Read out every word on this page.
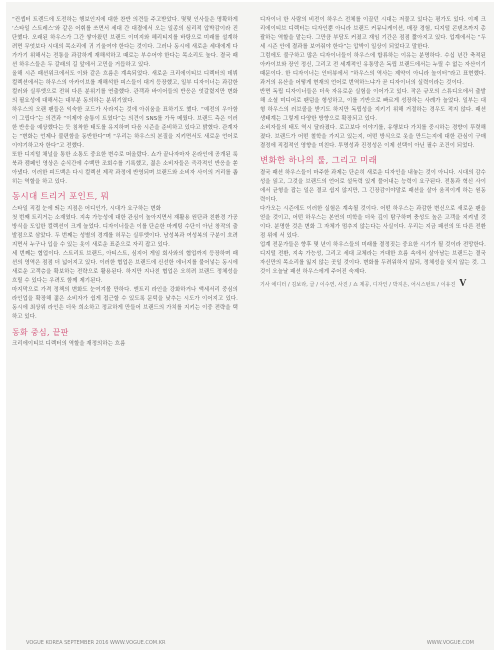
“컨셉터 트렌드에 도전하는 행보인지에 대한 찬반 의견들 주고받았다. 몇몇 인사들은 명확하게 ‘스타일 스트레스’와 같은 어휘를 쓰면서 세대 간 대결에서 오는 일종의 심리적 압박감이라 진단했다. 오래된 하우스가 그간 쌓아왔던 브랜드 이미지와 헤리티지를 바탕으로 미래를 설계하려면 무엇보다 시대의 목소리에 귀 기울여야 한다는 것이다. 그러나 동시에 새로운 세대에게 다가가기 위해서는 전통을 과감하게 재해석하고 때로는 부수어야 한다는 목소리도 높다. 결국 패션 하우스들은 두 갈래의 길 앞에서 고민을 거듭하고 있다.

올해 시즌 패션위크에서도 이와 같은 흐름은 계속되었다. 새로운 크리에이티브 디렉터의 데뷔 컬렉션에서는 하우스의 아카이브를 재해석한 피스들이 대거 등장했고, 일부 디자이너는 과감한 컬러와 실루엣으로 전혀 다른 분위기를 연출했다. 관객과 바이어들의 반응은 엇갈렸지만 변화의 필요성에 대해서는 대부분 동의하는 분위기였다.

하우스의 오랜 팬들은 익숙한 코드가 사라지는 것에 아쉬움을 표하기도 했다. “예전의 우아함이 그립다”는 의견과 “이제야 숨통이 트였다”는 의견이 SNS를 가득 메웠다. 브랜드 측은 이러한 반응을 예상했다는 듯 침착한 태도를 유지하며 다음 시즌을 준비하고 있다고 밝혔다. 관계자는 “변화는 언제나 불편함을 동반한다”며 “우리는 하우스의 본질을 지키면서도 새로운 언어로 이야기하고자 한다”고 전했다.

또한 디지털 채널을 통한 소통도 중요한 변수로 떠올랐다. 쇼가 끝나자마자 온라인에 공개된 룩북과 캠페인 영상은 순식간에 수백만 조회수를 기록했고, 젊은 소비자들은 즉각적인 반응을 쏟아냈다. 이러한 피드백은 다시 컬렉션 제작 과정에 반영되며 브랜드와 소비자 사이의 거리를 좁히는 역할을 하고 있다.

동시대 트리거 포인트, 뭐
스타일 직접 눈에 띄는 지점은 어디인가, 시대가 요구하는 변화

첫 번째 트리거는 소재였다. 지속 가능성에 대한 관심이 높아지면서 재활용 원단과 친환경 가공 방식을 도입한 컬렉션이 크게 늘었다. 디자이너들은 이를 단순한 마케팅 수단이 아닌 창작의 출발점으로 삼았다. 두 번째는 성별의 경계를 허무는 실루엣이다. 남성복과 여성복의 구분이 흐려지면서 누구나 입을 수 있는 옷이 새로운 표준으로 자리 잡고 있다.

세 번째는 협업이다. 스트리트 브랜드, 아티스트, 심지어 게임 회사와의 협업까지 등장하며 패션의 영역은 점점 더 넓어지고 있다. 이러한 협업은 브랜드에 신선한 에너지를 불어넣는 동시에 새로운 고객층을 확보하는 전략으로 활용된다. 하지만 지나친 협업은 오히려 브랜드 정체성을 흐릴 수 있다는 우려도 함께 제기된다.

마지막으로 가격 정책의 변화도 눈여겨볼 만하다. 엔트리 라인을 강화하거나 액세서리 중심의 라인업을 확장해 젊은 소비자가 쉽게 접근할 수 있도록 문턱을 낮추는 시도가 이어지고 있다. 동시에 최상위 라인은 더욱 희소하고 정교하게 만들어 브랜드의 가치를 지키는 이중 전략을 택하고 있다.

동화 중심, 끝판
크리에이티브 디렉터의 역할을 재정의하는 흐름

디자이너 한 사람의 비전이 하우스 전체를 이끌던 시대는 저물고 있다는 평가도 있다. 이제 크리에이티브 디렉터는 디자인뿐 아니라 브랜드 커뮤니케이션, 매장 경험, 디지털 콘텐츠까지 총괄하는 역할을 맡는다. 그만큼 부담도 커졌고 재임 기간은 점점 짧아지고 있다. 업계에서는 “두세 시즌 안에 결과를 보여줘야 한다”는 압박이 일상이 되었다고 말한다.

그럼에도 불구하고 많은 디자이너들이 하우스에 합류하는 이유는 분명하다. 수십 년간 축적된 아카이브와 장인 정신, 그리고 전 세계적인 유통망은 독립 브랜드에서는 누릴 수 없는 자산이기 때문이다. 한 디자이너는 인터뷰에서 “하우스의 역사는 제약이 아니라 놀이터”라고 표현했다. 과거의 유산을 어떻게 현재의 언어로 번역하느냐가 곧 디자이너의 실력이라는 것이다.

반면 독립 디자이너들은 더욱 자유로운 실험을 이어가고 있다. 작은 규모의 스튜디오에서 출발해 소셜 미디어로 팬덤을 형성하고, 이를 기반으로 빠르게 성장하는 사례가 늘었다. 일부는 대형 하우스의 러브콜을 받기도 하지만 독립성을 지키기 위해 거절하는 경우도 적지 않다. 패션 생태계는 그렇게 다양한 방향으로 확장되고 있다.

소비자들의 태도 역시 달라졌다. 로고보다 이야기를, 유행보다 가치를 중시하는 경향이 뚜렷해졌다. 브랜드가 어떤 철학을 가지고 있는지, 어떤 방식으로 옷을 만드는지에 대한 관심이 구매 결정에 직접적인 영향을 미친다. 투명성과 진정성은 이제 선택이 아닌 필수 조건이 되었다.

변화한 하나의 룰, 그리고 미래

결국 패션 하우스들이 마주한 과제는 단순히 새로운 디자인을 내놓는 것이 아니다. 시대의 감수성을 읽고, 그것을 브랜드의 언어로 설득력 있게 풀어내는 능력이 요구된다. 전통과 혁신 사이에서 균형을 잡는 일은 결코 쉽지 않지만, 그 긴장감이야말로 패션을 살아 움직이게 하는 원동력이다.

다가오는 시즌에도 이러한 실험은 계속될 것이다. 어떤 하우스는 과감한 변신으로 새로운 팬을 얻을 것이고, 어떤 하우스는 본연의 미학을 더욱 깊이 탐구하며 충성도 높은 고객을 지켜낼 것이다. 분명한 것은 변화 그 자체가 멈추지 않는다는 사실이다. 우리는 지금 패션의 또 다른 전환점 위에 서 있다.

업계 전문가들은 향후 몇 년이 하우스들의 미래를 결정짓는 중요한 시기가 될 것이라 전망한다. 디지털 전환, 지속 가능성, 그리고 세대 교체라는 거대한 흐름 속에서 살아남는 브랜드는 결국 자신만의 목소리를 잃지 않는 곳일 것이다. 변화를 두려워하지 않되, 정체성을 잊지 않는 것. 그것이 오늘날 패션 하우스에게 주어진 숙제다.

기사 에디터 / 김보라, 글 / 이수연, 사진 / 쇼 제공, 디자인 / 박지은, 어시스턴트 / 이유진 V
VOGUE KOREA SEPTEMBER 2016 WWW.VOGUE.COM.KR	WWW.VOGUE.COM
